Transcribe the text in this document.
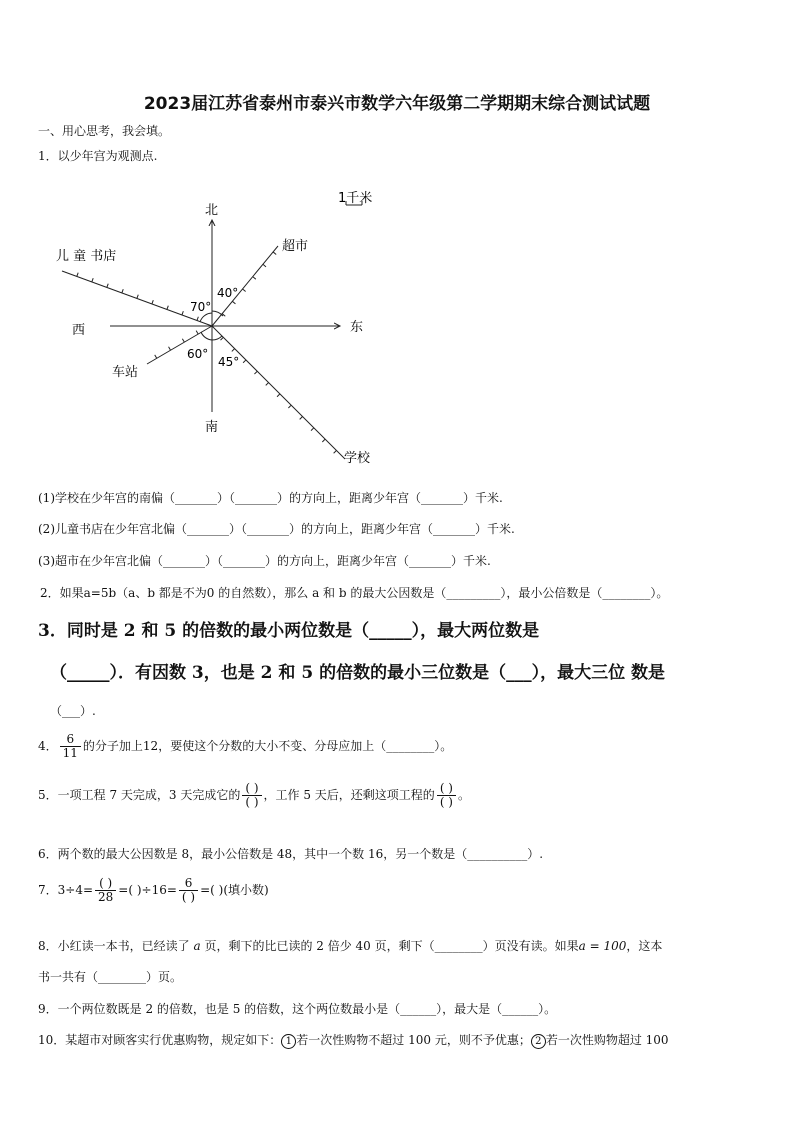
2023届江苏省泰州市泰兴市数学六年级第二学期期末综合测试试题
一、用心思考，我会填。
1．以少年宫为观测点.
1千米
北
南
东
西
超市
儿 童 书店
车站
学校
40°
70°
60°
45°
(1)学校在少年宫的南偏（_______）（_______）的方向上，距离少年宫（_______）千米.
(2)儿童书店在少年宫北偏（_______）（_______）的方向上，距离少年宫（_______）千米.
(3)超市在少年宫北偏（_______）（_______）的方向上，距离少年宫（_______）千米.
2．如果a=5b（a、b 都是不为0 的自然数），那么 a 和 b 的最大公因数是（_________），最小公倍数是（________）。
3．同时是 2 和 5 的倍数的最小两位数是（_____），最大两位数是
（_____）．有因数 3，也是 2 和 5 的倍数的最小三位数是（___），最大三位 数是
（___）.
4． $\frac{6}{11}$ 的分子加上12，要使这个分数的大小不变、分母应加上（________）。
5．一项工程 7 天完成，3 天完成它的 $\frac{( )}{( )}$ ，工作 5 天后，还剩这项工程的 $\frac{( )}{( )}$ 。
6．两个数的最大公因数是 8，最小公倍数是 48，其中一个数 16，另一个数是（__________）.
7．$3\div 4= \frac{( )}{28}$ =( )$\div 16= \frac{6}{( )}$ =( )(填小数)
8．小红读一本书，已经读了 a 页，剩下的比已读的 2 倍少 40 页，剩下（________）页没有读。如果a = 100，这本
书一共有（________）页。
9．一个两位数既是 2 的倍数，也是 5 的倍数，这个两位数最小是（______），最大是（______）。
10．某超市对顾客实行优惠购物，规定如下： 1 若一次性购物不超过 100 元，则不予优惠； 2 若一次性购物超过 100
